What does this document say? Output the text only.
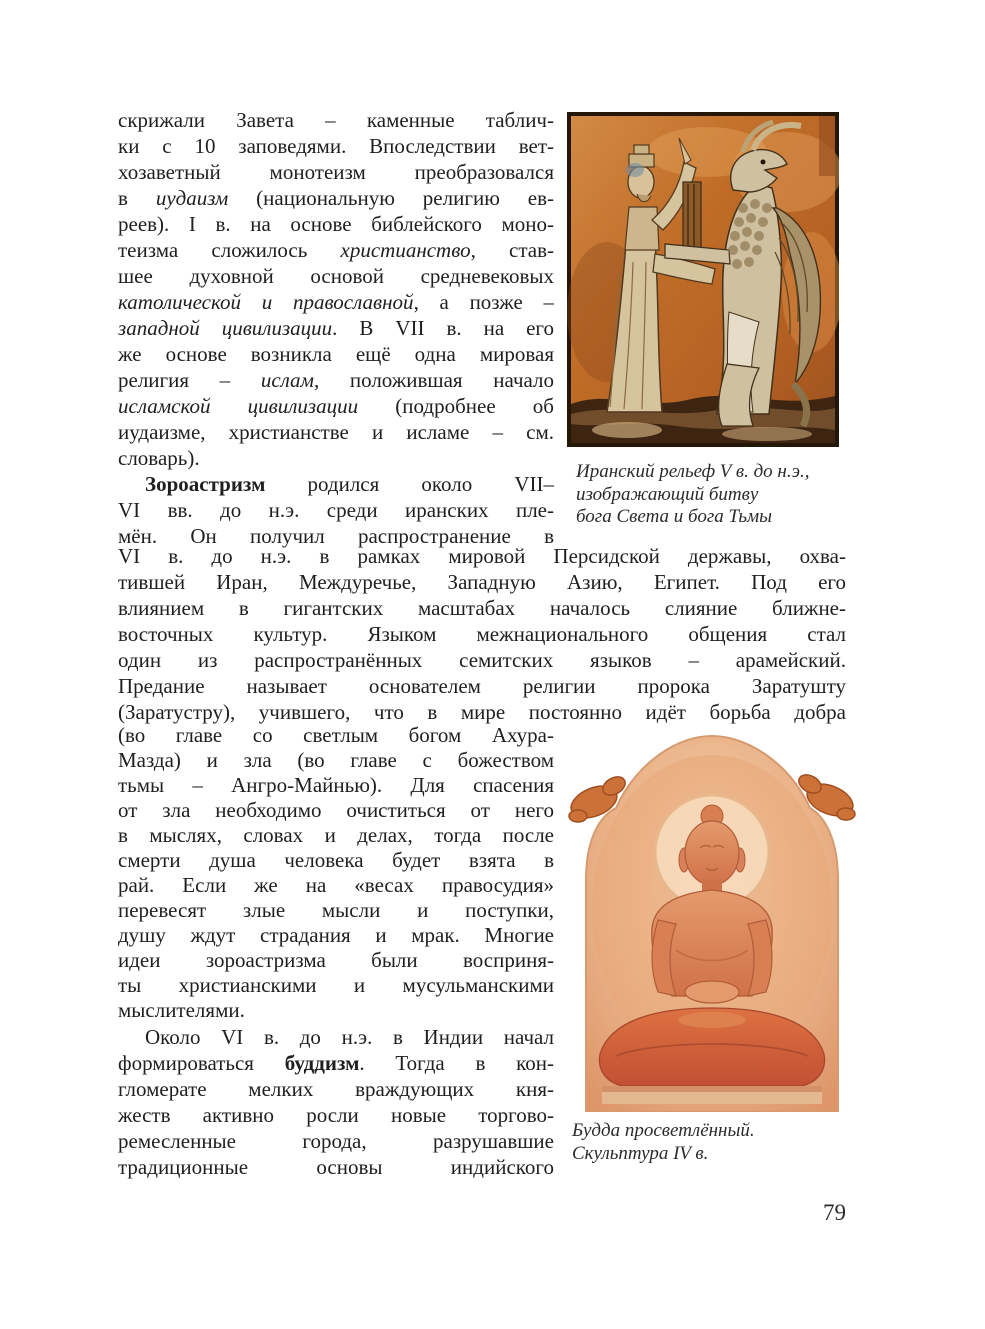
скрижали Завета – каменные таблич-
ки с 10 заповедями. Впоследствии вет-
хозаветный монотеизм преобразовался
в иудаизм (национальную религию ев-
реев). I в. на основе библейского моно-
теизма сложилось христианство, став-
шее духовной основой средневековых
католической и православной, а позже –
западной цивилизации. В VII в. на его
же основе возникла ещё одна мировая
религия – ислам, положившая начало
исламской цивилизации (подробнее об
иудаизме, христианстве и исламе – см.
словарь).
Иранский рельеф V в. до н.э.,
изображающий битву
бога Света и бога Тьмы
Зороастризм родился около VII–
VI вв. до н.э. среди иранских пле-
мён. Он получил распространение в
VI в. до н.э. в рамках мировой Персидской державы, охва-
тившей Иран, Междуречье, Западную Азию, Египет. Под его
влиянием в гигантских масштабах началось слияние ближне-
восточных культур. Языком межнационального общения стал
один из распространённых семитских языков – арамейский.
Предание называет основателем религии пророка Заратушту
(Заратустру), учившего, что в мире постоянно идёт борьба добра
(во главе со светлым богом Ахура-
Мазда) и зла (во главе с божеством
тьмы – Ангро-Майнью). Для спасения
от зла необходимо очиститься от него
в мыслях, словах и делах, тогда после
смерти душа человека будет взята в
рай. Если же на «весах правосудия»
перевесят злые мысли и поступки,
душу ждут страдания и мрак. Многие
идеи зороастризма были восприня-
ты христианскими и мусульманскими
мыслителями.
Будда просветлённый.
Скульптура IV в.
Около VI в. до н.э. в Индии начал
формироваться буддизм. Тогда в кон-
гломерате мелких враждующих кня-
жеств активно росли новые торгово-
ремесленные города, разрушавшие
традиционные основы индийского
79
